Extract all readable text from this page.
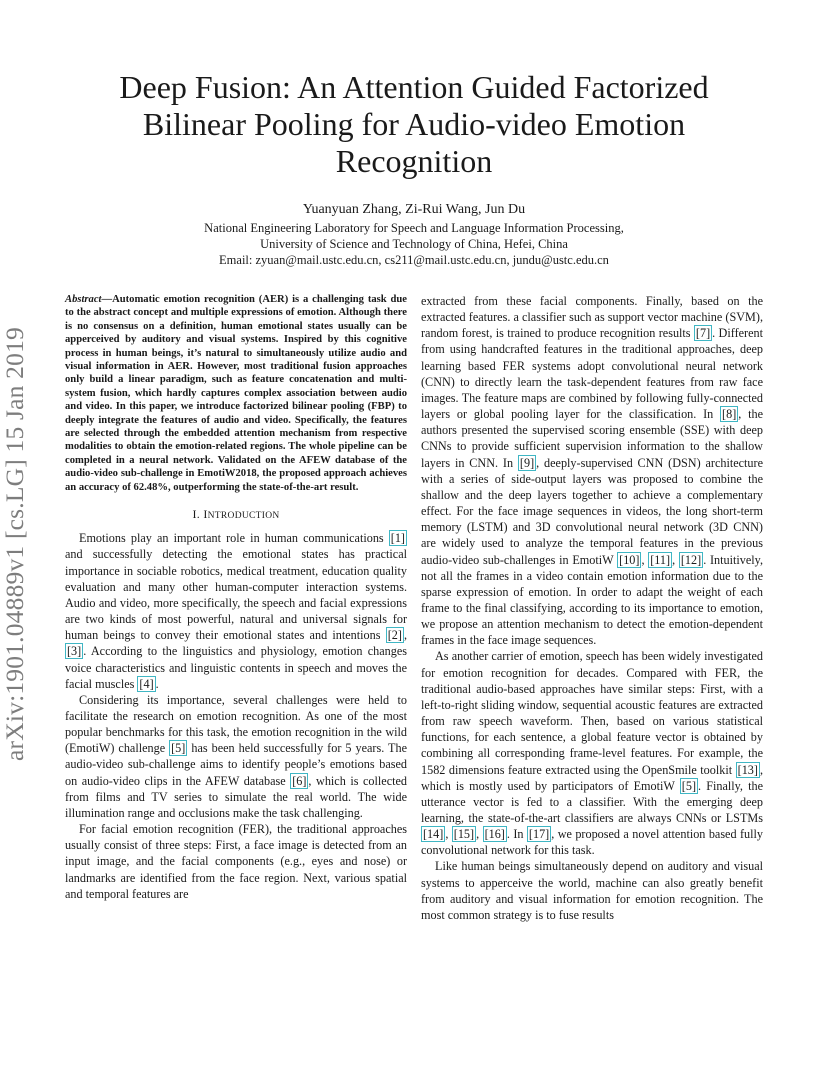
Deep Fusion: An Attention Guided Factorized Bilinear Pooling for Audio-video Emotion Recognition
Yuanyuan Zhang, Zi-Rui Wang, Jun Du
National Engineering Laboratory for Speech and Language Information Processing,
University of Science and Technology of China, Hefei, China
Email: zyuan@mail.ustc.edu.cn, cs211@mail.ustc.edu.cn, jundu@ustc.edu.cn
arXiv:1901.04889v1 [cs.LG] 15 Jan 2019
Abstract—Automatic emotion recognition (AER) is a challenging task due to the abstract concept and multiple expressions of emotion. Although there is no consensus on a definition, human emotional states usually can be apperceived by auditory and visual systems. Inspired by this cognitive process in human beings, it’s natural to simultaneously utilize audio and visual information in AER. However, most traditional fusion approaches only build a linear paradigm, such as feature concatenation and multi-system fusion, which hardly captures complex association between audio and video. In this paper, we introduce factorized bilinear pooling (FBP) to deeply integrate the features of audio and video. Specifically, the features are selected through the embedded attention mechanism from respective modalities to obtain the emotion-related regions. The whole pipeline can be completed in a neural network. Validated on the AFEW database of the audio-video sub-challenge in EmotiW2018, the proposed approach achieves an accuracy of 62.48%, outperforming the state-of-the-art result.
I. INTRODUCTION

Emotions play an important role in human communications [1] and successfully detecting the emotional states has practical importance in sociable robotics, medical treatment, education quality evaluation and many other human-computer interaction systems. Audio and video, more specifically, the speech and facial expressions are two kinds of most powerful, natural and universal signals for human beings to convey their emotional states and intentions [2] , [3] . According to the linguistics and physiology, emotion changes voice characteristics and linguistic contents in speech and moves the facial muscles [4] .

Considering its importance, several challenges were held to facilitate the research on emotion recognition. As one of the most popular benchmarks for this task, the emotion recognition in the wild (EmotiW) challenge [5] has been held successfully for 5 years. The audio-video sub-challenge aims to identify people’s emotions based on audio-video clips in the AFEW database [6] , which is collected from films and TV series to simulate the real world. The wide illumination range and occlusions make the task challenging.

For facial emotion recognition (FER), the traditional approaches usually consist of three steps: First, a face image is detected from an input image, and the facial components (e.g., eyes and nose) or landmarks are identified from the face region. Next, various spatial and temporal features are

extracted from these facial components. Finally, based on the extracted features. a classifier such as support vector machine (SVM), random forest, is trained to produce recognition results [7] . Different from using handcrafted features in the traditional approaches, deep learning based FER systems adopt convolutional neural network (CNN) to directly learn the task-dependent features from raw face images. The feature maps are combined by following fully-connected layers or global pooling layer for the classification. In [8] , the authors presented the supervised scoring ensemble (SSE) with deep CNNs to provide sufficient supervision information to the shallow layers in CNN. In [9] , deeply-supervised CNN (DSN) architecture with a series of side-output layers was proposed to combine the shallow and the deep layers together to achieve a complementary effect. For the face image sequences in videos, the long short-term memory (LSTM) and 3D convolutional neural network (3D CNN) are widely used to analyze the temporal features in the previous audio-video sub-challenges in EmotiW [10] , [11] , [12] . Intuitively, not all the frames in a video contain emotion information due to the sparse expression of emotion. In order to adapt the weight of each frame to the final classifying, according to its importance to emotion, we propose an attention mechanism to detect the emotion-dependent frames in the face image sequences.

As another carrier of emotion, speech has been widely investigated for emotion recognition for decades. Compared with FER, the traditional audio-based approaches have similar steps: First, with a left-to-right sliding window, sequential acoustic features are extracted from raw speech waveform. Then, based on various statistical functions, for each sentence, a global feature vector is obtained by combining all corresponding frame-level features. For example, the 1582 dimensions feature extracted using the OpenSmile toolkit [13] , which is mostly used by participators of EmotiW [5] . Finally, the utterance vector is fed to a classifier. With the emerging deep learning, the state-of-the-art classifiers are always CNNs or LSTMs [14] , [15] , [16] . In [17] , we proposed a novel attention based fully convolutional network for this task.

Like human beings simultaneously depend on auditory and visual systems to apperceive the world, machine can also greatly benefit from auditory and visual information for emotion recognition. The most common strategy is to fuse results
